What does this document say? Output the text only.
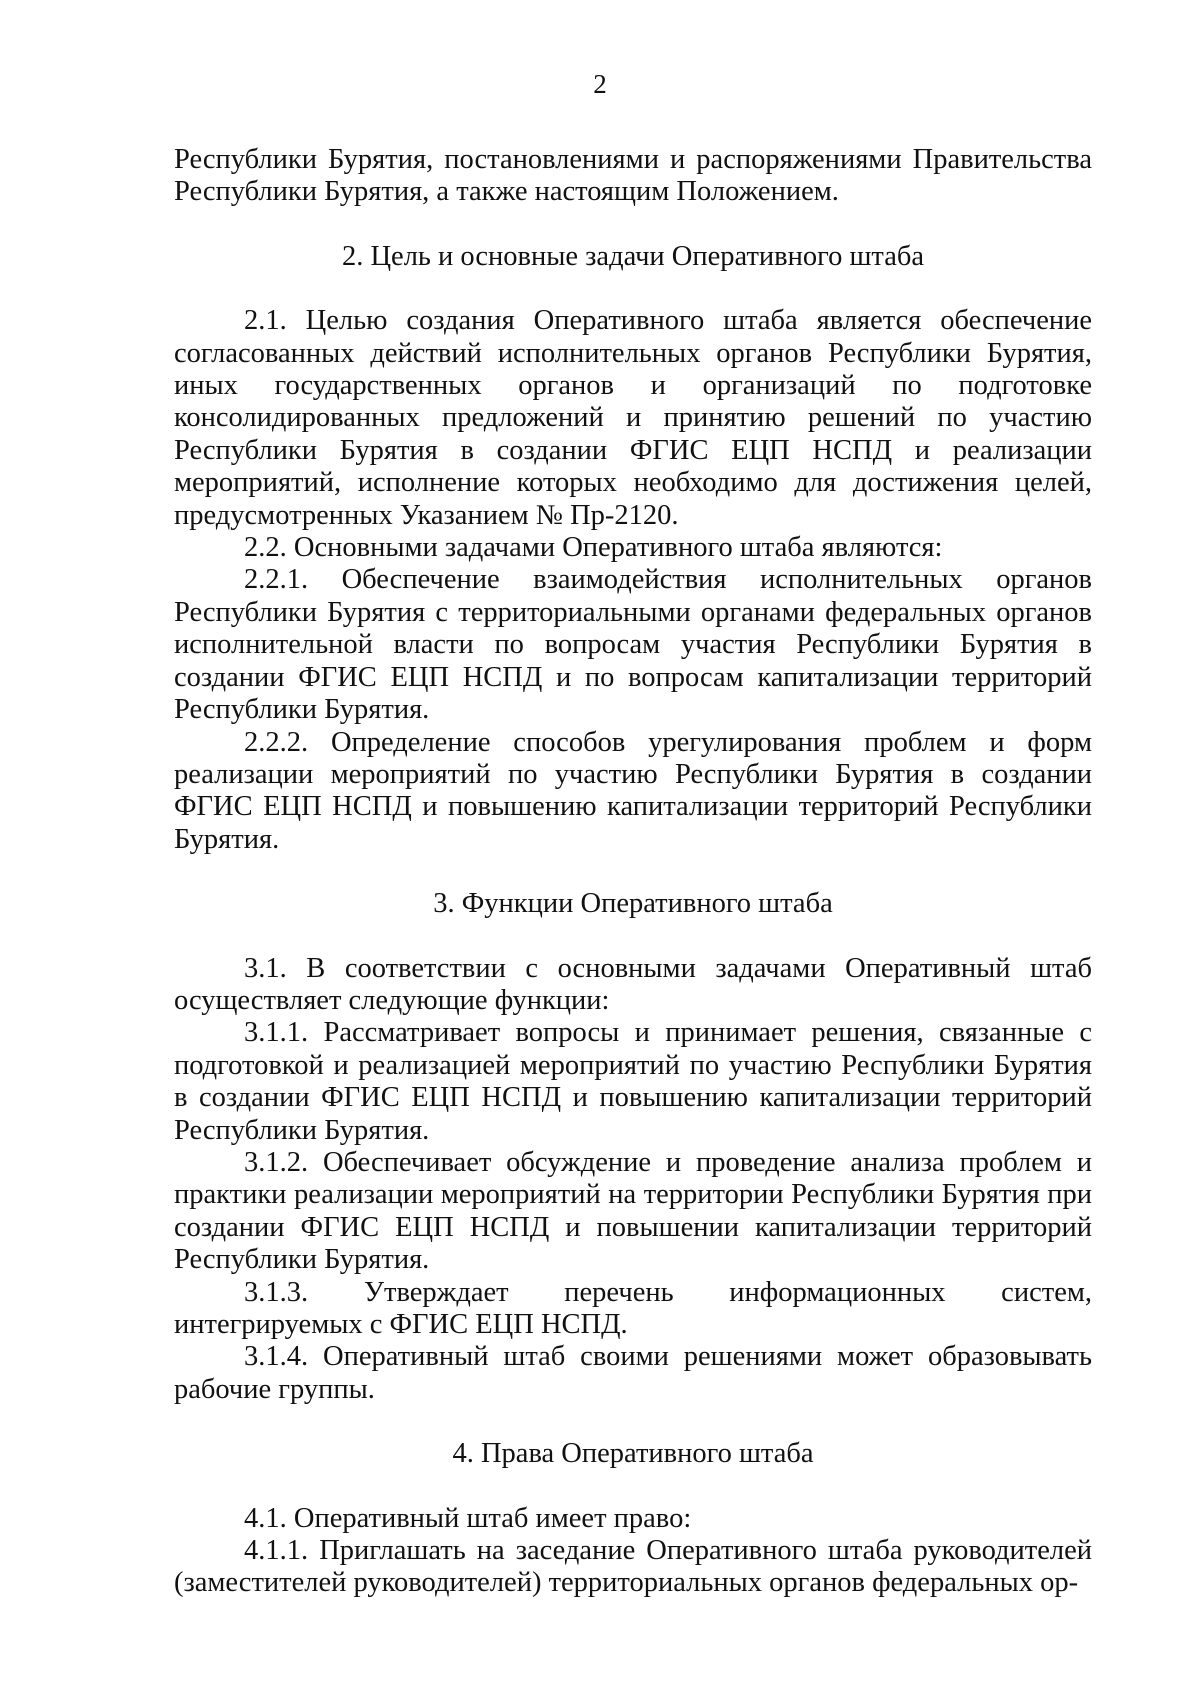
2

Республики Бурятия, постановлениями и распоряжениями Правительства Республики Бурятия, а также настоящим Положением.

2. Цель и основные задачи Оперативного штаба

2.1. Целью создания Оперативного штаба является обеспечение согласованных действий исполнительных органов Республики Бурятия, иных государственных органов и организаций по подготовке консолидированных предложений и принятию решений по участию Республики Бурятия в создании ФГИС ЕЦП НСПД и реализации мероприятий, исполнение которых необходимо для достижения целей, предусмотренных Указанием № Пр-2120.

2.2. Основными задачами Оперативного штаба являются:

2.2.1. Обеспечение взаимодействия исполнительных органов Республики Бурятия с территориальными органами федеральных органов исполнительной власти по вопросам участия Республики Бурятия в создании ФГИС ЕЦП НСПД и по вопросам капитализации территорий Республики Бурятия.

2.2.2. Определение способов урегулирования проблем и форм реализации мероприятий по участию Республики Бурятия в создании ФГИС ЕЦП НСПД и повышению капитализации территорий Республики Бурятия.

3. Функции Оперативного штаба

3.1. В соответствии с основными задачами Оперативный штаб осуществляет следующие функции:

3.1.1. Рассматривает вопросы и принимает решения, связанные с подготовкой и реализацией мероприятий по участию Республики Бурятия в создании ФГИС ЕЦП НСПД и повышению капитализации территорий Республики Бурятия.

3.1.2. Обеспечивает обсуждение и проведение анализа проблем и практики реализации мероприятий на территории Республики Бурятия при создании ФГИС ЕЦП НСПД и повышении капитализации территорий Республики Бурятия.

3.1.3. Утверждает перечень информационных систем, интегрируемых с ФГИС ЕЦП НСПД.

3.1.4. Оперативный штаб своими решениями может образовывать рабочие группы.

4. Права Оперативного штаба

4.1. Оперативный штаб имеет право:

4.1.1. Приглашать на заседание Оперативного штаба руководителей (заместителей руководителей) территориальных органов федеральных ор-
